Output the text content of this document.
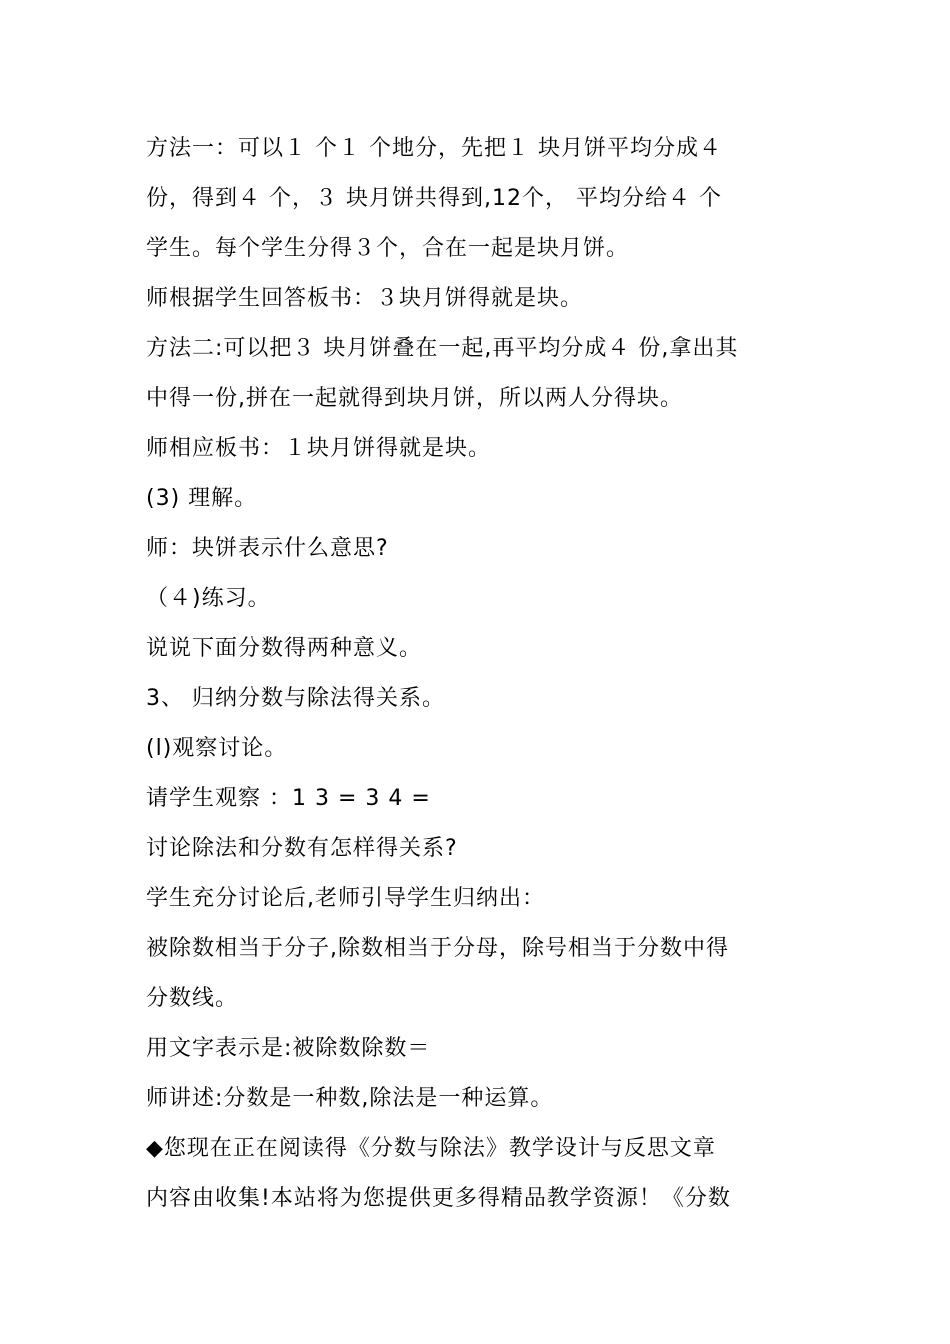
方法一：可以１ 个１ 个地分，先把１ 块月饼平均分成４
份，得到４ 个，３ 块月饼共得到,12个， 平均分给４ 个
学生。每个学生分得３个，合在一起是块月饼。
师根据学生回答板书：３块月饼得就是块。
方法二:可以把３ 块月饼叠在一起,再平均分成４ 份,拿出其
中得一份,拼在一起就得到块月饼，所以两人分得块。
师相应板书：１块月饼得就是块。
(3) 理解。
师：块饼表示什么意思?
（４)练习。
说说下面分数得两种意义。
3、 归纳分数与除法得关系。
(l)观察讨论。
请学生观察 ：1 3 = 3 4 =
讨论除法和分数有怎样得关系?
学生充分讨论后,老师引导学生归纳出：
被除数相当于分子,除数相当于分母，除号相当于分数中得
分数线。
用文字表示是:被除数除数＝
师讲述:分数是一种数,除法是一种运算。
◆您现在正在阅读得《分数与除法》教学设计与反思文章
内容由收集!本站将为您提供更多得精品教学资源！《分数
